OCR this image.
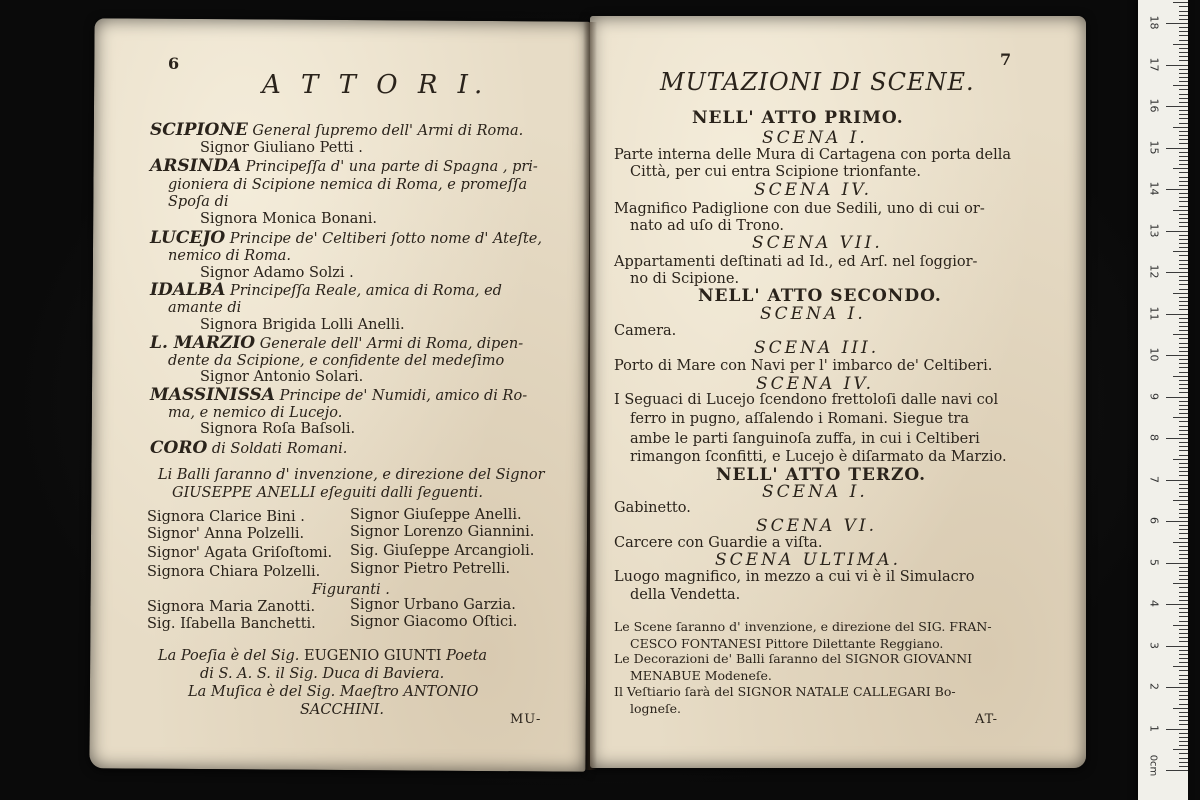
6
A T T O R I.
SCIPIONE General ſupremo dell' Armi di Roma.
Signor Giuliano Petti .
ARSINDA Principeſſa d' una parte di Spagna , pri-
gioniera di Scipione nemica di Roma, e promeſſa
Spoſa di
Signora Monica Bonani.
LUCEJO Principe de' Celtiberi ſotto nome d' Ateſte,
nemico di Roma.
Signor Adamo Solzi .
IDALBA Principeſſa Reale, amica di Roma, ed
amante di
Signora Brigida Lolli Anelli.
L. MARZIO Generale dell' Armi di Roma, dipen-
dente da Scipione, e confidente del medeſimo
Signor Antonio Solari.
MASSINISSA Principe de' Numidi, amico di Ro-
ma, e nemico di Lucejo.
Signora Roſa Baſsoli.
CORO di Soldati Romani.
Li Balli ſaranno d' invenzione, e direzione del Signor
GIUSEPPE ANELLI eſeguiti dalli ſeguenti.
Signora Clarice Bini .	Signor Giuſeppe Anelli.
Signor' Anna Polzelli.	Signor Lorenzo Giannini.
Signor' Agata Griſoſtomi. Sig. Giuſeppe Arcangioli.
Signora Chiara Polzelli. Signor Pietro Petrelli.
Figuranti .
Signora Maria Zanotti. Signor Urbano Garzia.
Sig. Iſabella Banchetti. Signor Giacomo Oſtici.
La Poeſia è del Sig. EUGENIO GIUNTI Poeta
di S. A. S. il Sig. Duca di Baviera.
La Muſica è del Sig. Maeſtro ANTONIO
SACCHINI.
MU-
7
MUTAZIONI DI SCENE.
NELL' ATTO PRIMO.
SCENA I.
Parte interna delle Mura di Cartagena con porta della
Città, per cui entra Scipione trionfante.
SCENA IV.
Magnifico Padiglione con due Sedili, uno di cui or-
nato ad uſo di Trono.
SCENA VII.
Appartamenti deſtinati ad Id., ed Arſ. nel ſoggior-
no di Scipione.
NELL' ATTO SECONDO.
SCENA I.
Camera.
SCENA III.
Porto di Mare con Navi per l' imbarco de' Celtiberi.
SCENA IV.
I Seguaci di Lucejo ſcendono frettoloſi dalle navi col
ferro in pugno, aſſalendo i Romani. Siegue tra
ambe le parti ſanguinoſa zuffa, in cui i Celtiberi
rimangon ſconfitti, e Lucejo è diſarmato da Marzio.
NELL' ATTO TERZO.
SCENA I.
Gabinetto.
SCENA VI.
Carcere con Guardie a viſta.
SCENA ULTIMA.
Luogo magnifico, in mezzo a cui vi è il Simulacro
della Vendetta.
Le Scene ſaranno d' invenzione, e direzione del SIG. FRAN-
CESCO FONTANESI Pittore Dilettante Reggiano.
Le Decorazioni de' Balli ſaranno del SIGNOR GIOVANNI
MENABUE Modeneſe.
Il Veſtiario ſarà del SIGNOR NATALE CALLEGARI Bo-
logneſe.
AT-
1
2
3
4
5
6
7
8
9
10
11
12
13
14
15
16
17
18
0cm
